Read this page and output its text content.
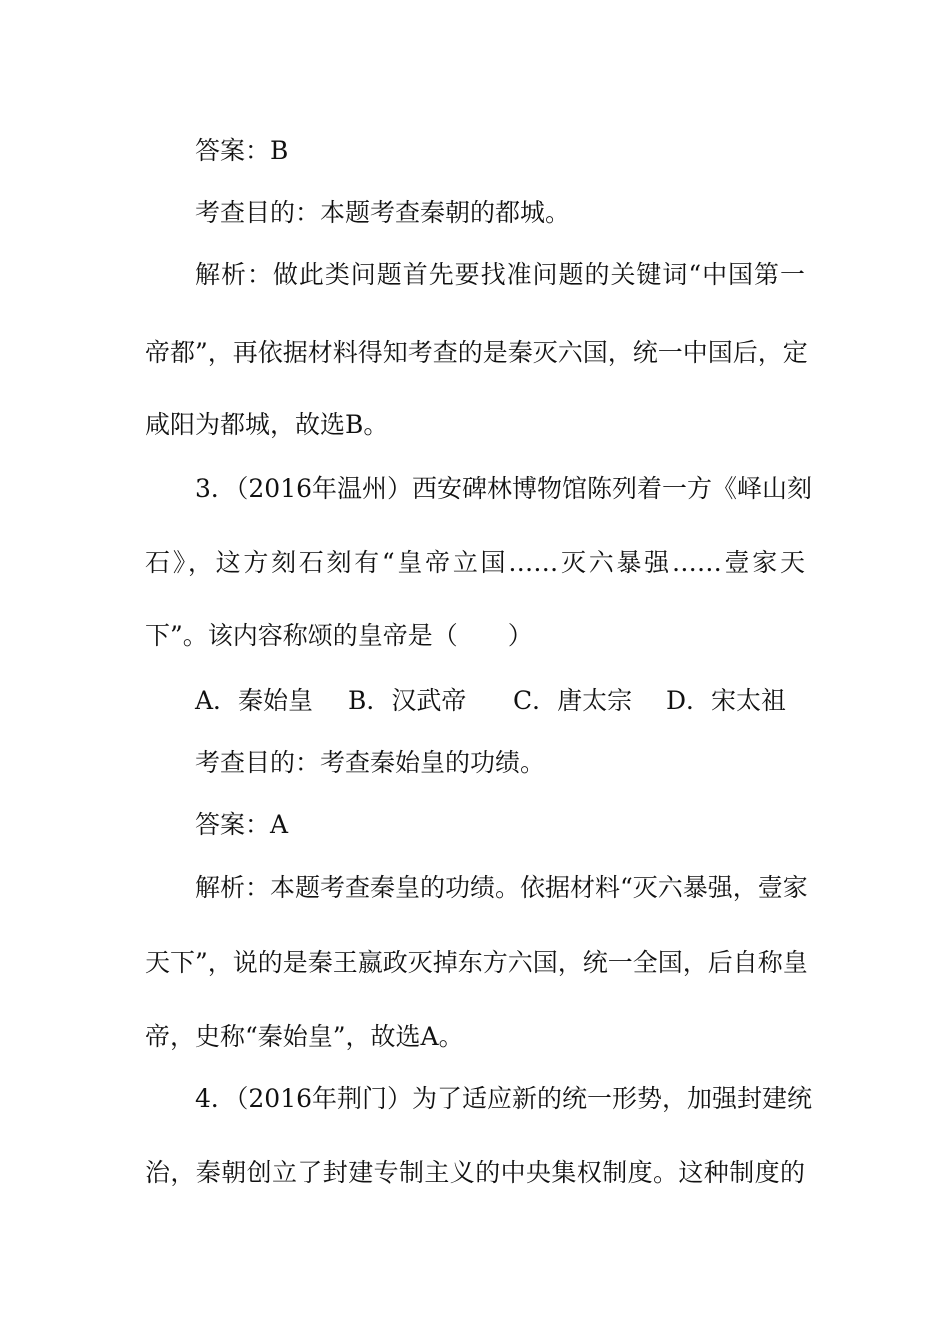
答案：B
考查目的：本题考查秦朝的都城。
解析：做此类问题首先要找准问题的关键词“中国第一
帝都”，再依据材料得知考查的是秦灭六国，统一中国后，定
咸阳为都城，故选B。
3．（2016年温州）西安碑林博物馆陈列着一方《峄山刻
石》，这方刻石刻有“皇帝立国……灭六暴强……壹家天
下”。该内容称颂的皇帝是（　　）
A．秦始皇	B．汉武帝	C．唐太宗	D．宋太祖
考查目的：考查秦始皇的功绩。
答案：A
解析：本题考查秦皇的功绩。依据材料“灭六暴强，壹家
天下”，说的是秦王嬴政灭掉东方六国，统一全国，后自称皇
帝，史称“秦始皇”，故选A。
4．（2016年荆门）为了适应新的统一形势，加强封建统
治，秦朝创立了封建专制主义的中央集权制度。这种制度的
